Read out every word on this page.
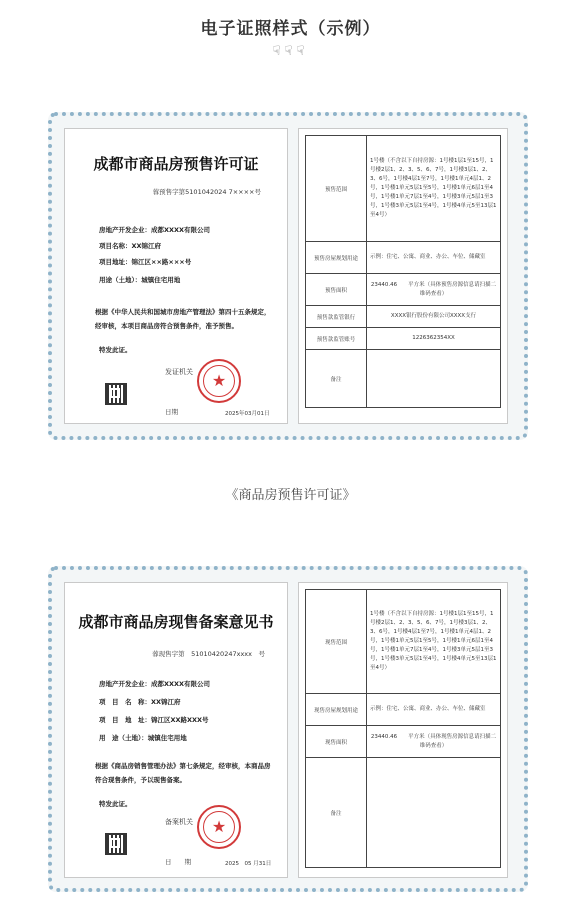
电子证照样式（示例）
☟☟☟
成都市商品房预售许可证
蓉预售字第5101042024 7××××号
房地产开发企业：成都XXXX有限公司
项目名称：XX锦江府
项目地址：锦江区××路×××号
用途（土地）：城镇住宅用地
根据《中华人民共和国城市房地产管理法》第四十五条规定，经审核，本项目商品房符合预售条件，准予预售。
特发此证。
发证机关	★
日期	2025年03月01日
预售范围	1号楼（不含以下自持房源：1号楼1层1至15号，1号楼2层1、2、3、5、6、7号，1号楼3层1、2、3、6号，1号楼4层1至7号，1号楼1单元4层1、2号，1号楼1单元5层1至5号，1号楼1单元6层1至4号，1号楼1单元7层1至4号，1号楼3单元5层1至3号，1号楼3单元5层1至4号，1号楼4单元5至13层1至4号）
预售房屋规划用途	示例：住宅、公寓、商业、办公、车位、储藏室
预售面积	23440.46　　平方米（具体预售房源信息请扫描二维码查看）
预售款监管银行	XXXX银行股份有限公司XXXX支行
预售款监管账号	1226362354XX
备注	
《商品房预售许可证》
成都市商品房现售备案意见书
蓉现售字第　51010420247xxxx　号
房地产开发企业：成都XXXX有限公司
项　目　名　称：XX锦江府
项　目　地　址：锦江区XX路XXX号
用　途（土地）：城镇住宅用地
根据《商品房销售管理办法》第七条规定，经审核，本商品房符合现售条件，予以现售备案。
特发此证。
备案机关	★
日　　期	2025　05 月31日
现售范围	1号楼（不含以下自持房源：1号楼1层1至15号，1号楼2层1、2、3、5、6、7号，1号楼3层1、2、3、6号，1号楼4层1至7号，1号楼1单元4层1、2号，1号楼1单元5层1至5号，1号楼1单元6层1至4号，1号楼1单元7层1至4号，1号楼3单元5层1至3号，1号楼3单元5层1至4号，1号楼4单元5至13层1至4号）
现售房屋规划用途	示例：住宅、公寓、商业、办公、车位、储藏室
现售面积	23440.46　　平方米（具体现售房源信息请扫描二维码查看）
备注	
